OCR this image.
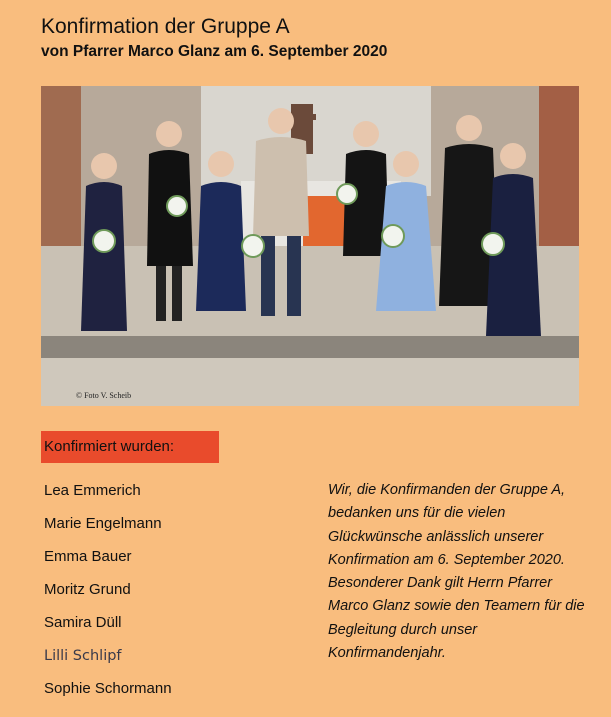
Konfirmation der Gruppe A
von Pfarrer Marco Glanz am 6. September 2020
© Foto V. Scheib
Konfirmiert wurden:
Lea Emmerich
Marie Engelmann
Emma Bauer
Moritz Grund
Samira Düll
Lilli Schlipf
Sophie Schormann

Wir, die Konfirmanden der Gruppe A, bedanken uns für die vielen Glückwünsche anlässlich unserer Konfirmation am 6. September 2020. Besonderer Dank gilt Herrn Pfarrer Marco Glanz sowie den Teamern für die Begleitung durch unser Konfirmandenjahr.
